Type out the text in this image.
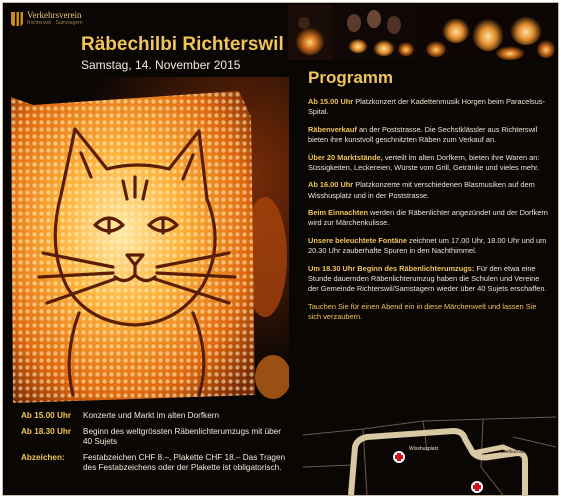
Verkehrsverein
Richterswil · Samstagern
Räbechilbi Richterswil
Samstag, 14. November 2015
Ab 15.00 Uhr	Konzerte und Markt im alten Dorfkern
Ab 18.30 Uhr	Beginn des weltgrössten Räbenlichterumzugs mit über 40 Sujets
Abzeichen:	Festabzeichen CHF 8.–, Plakette CHF 18.– Das Tragen des Festabzeichens oder der Plakette ist obligatorisch.
Programm

Ab 15.00 Uhr Platzkonzert der Kadettenmusik Horgen beim Paracelsus-Spital.

Räbenverkauf an der Poststrasse. Die Sechstklässler aus Richterswil bieten ihre kunstvoll geschnitzten Räben zum Verkauf an.

Über 20 Marktstände, verteilt im alten Dorfkern, bieten ihre Waren an: Süssigkeiten, Leckereien, Würste vom Grill, Getränke und vieles mehr.

Ab 16.00 Uhr Platzkonzerte mit verschiedenen Blasmusiken auf dem Wisshusplatz und in der Poststrasse.

Beim Einnachten werden die Räbenlichter angezündet und der Dorfkern wird zur Märchenkulisse.

Unsere beleuchtete Fontäne zeichnet um 17.00 Uhr, 18.00 Uhr und um 20.30 Uhr zauberhafte Spuren in den Nachthimmel.

Um 18.30 Uhr Beginn des Räbenlichterumzugs: Für den etwa eine Stunde dauernden Räbenlichterumzug haben die Schulen und Vereine der Gemeinde Richterswil/Samstagern wieder über 40 Sujets erschaffen.

Tauchen Sie für einen Abend ein in diese Märchenwelt und lassen Sie sich verzaubern.

Poststrasse
Dorfbachstr.
Wisshusplatz
